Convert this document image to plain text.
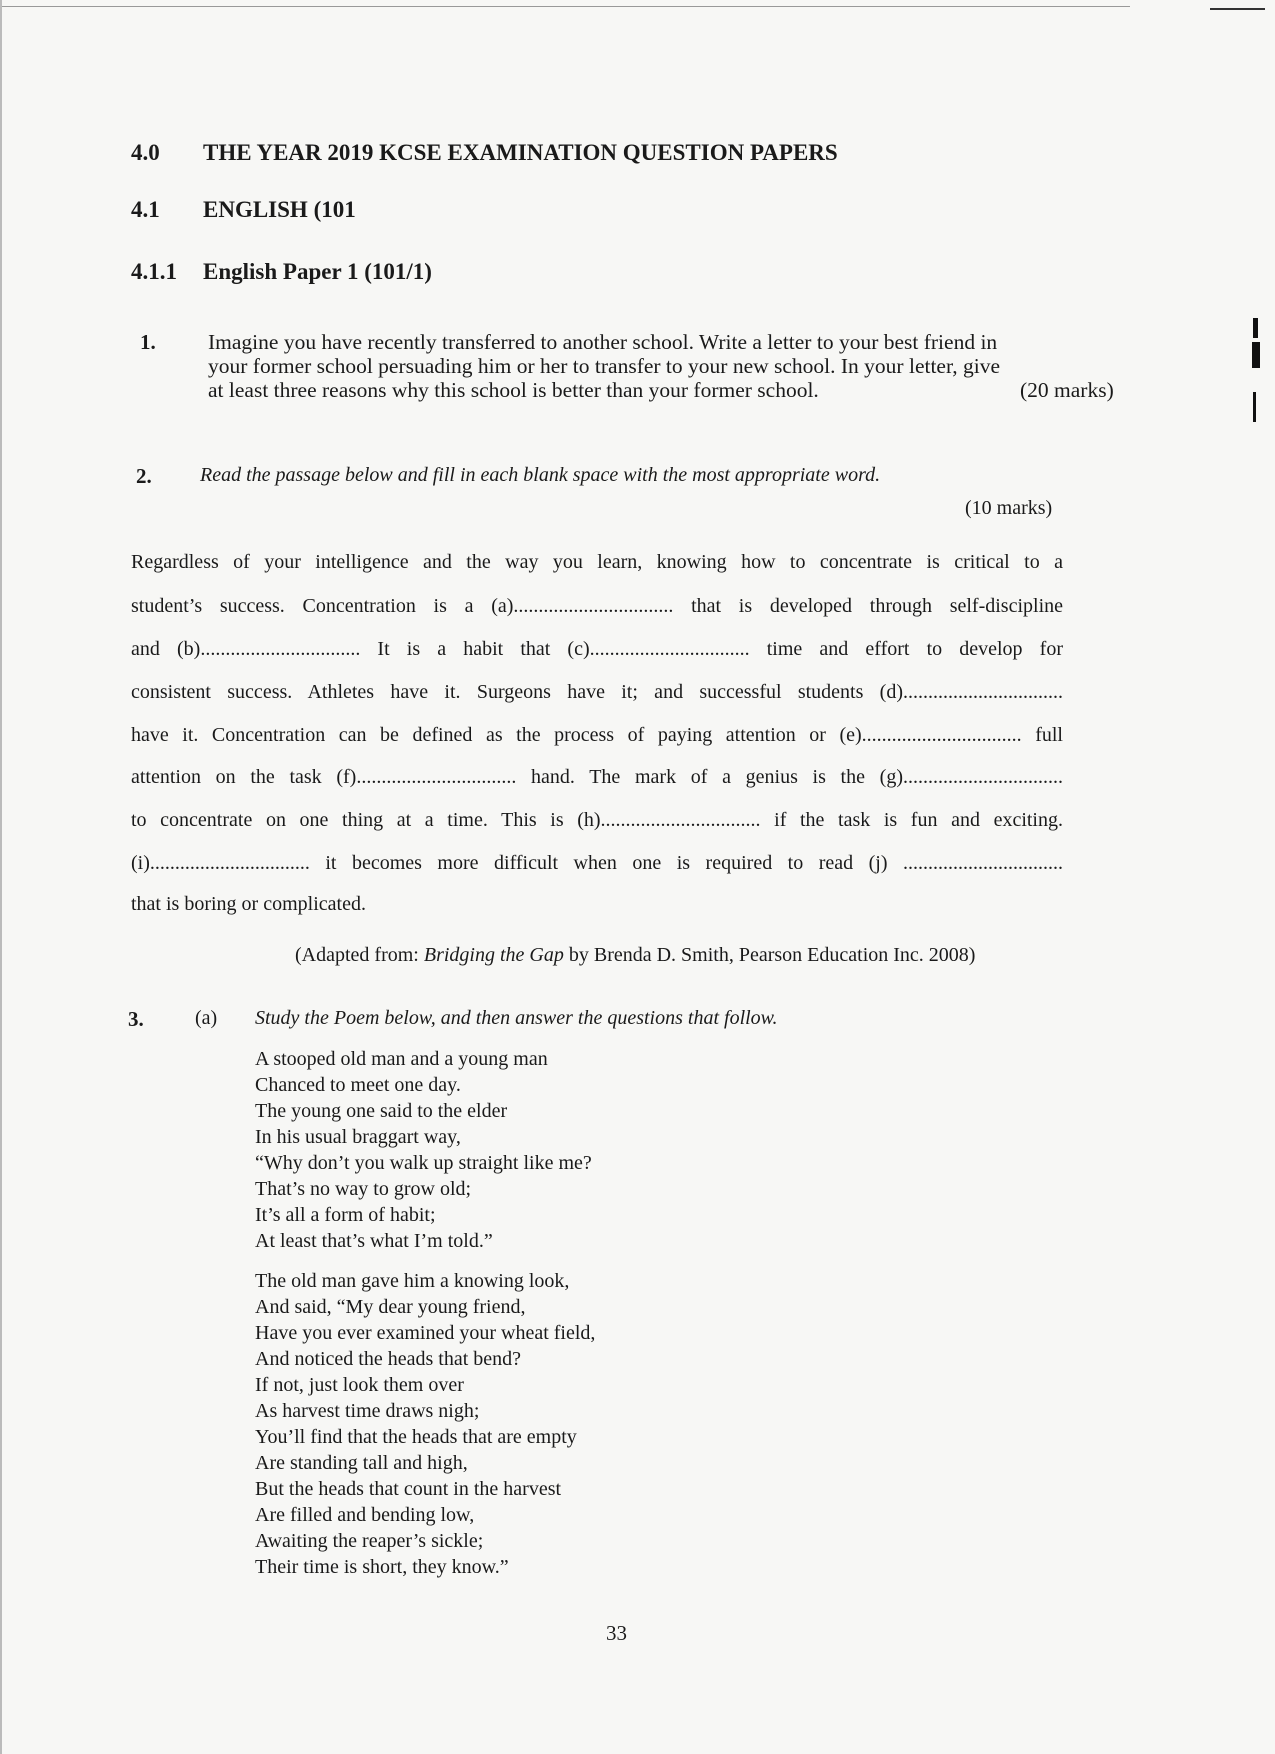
4.0 THE YEAR 2019 KCSE EXAMINATION QUESTION PAPERS
4.1 ENGLISH (101
4.1.1 English Paper 1 (101/1)
1. Imagine you have recently transferred to another school. Write a letter to your best friend in
your former school persuading him or her to transfer to your new school. In your letter, give
at least three reasons why this school is better than your former school.	(20 marks)
2. Read the passage below and fill in each blank space with the most appropriate word.
(10 marks)
Regardless of your intelligence and the way you learn, knowing how to concentrate is critical to a
student’s success. Concentration is a (a)................................ that is developed through self-discipline
and (b)................................ It is a habit that (c)................................ time and effort to develop for
consistent success. Athletes have it. Surgeons have it; and successful students (d)................................
have it. Concentration can be defined as the process of paying attention or (e)................................ full
attention on the task (f)................................ hand. The mark of a genius is the (g)................................
to concentrate on one thing at a time. This is (h)................................ if the task is fun and exciting.
(i)................................ it becomes more difficult when one is required to read (j) ................................
that is boring or complicated.
(Adapted from: Bridging the Gap by Brenda D. Smith, Pearson Education Inc. 2008)
3.	(a) Study the Poem below, and then answer the questions that follow.
A stooped old man and a young man
Chanced to meet one day.
The young one said to the elder
In his usual braggart way,
“Why don’t you walk up straight like me?
That’s no way to grow old;
It’s all a form of habit;
At least that’s what I’m told.”
The old man gave him a knowing look,
And said, “My dear young friend,
Have you ever examined your wheat field,
And noticed the heads that bend?
If not, just look them over
As harvest time draws nigh;
You’ll find that the heads that are empty
Are standing tall and high,
But the heads that count in the harvest
Are filled and bending low,
Awaiting the reaper’s sickle;
Their time is short, they know.”
33
